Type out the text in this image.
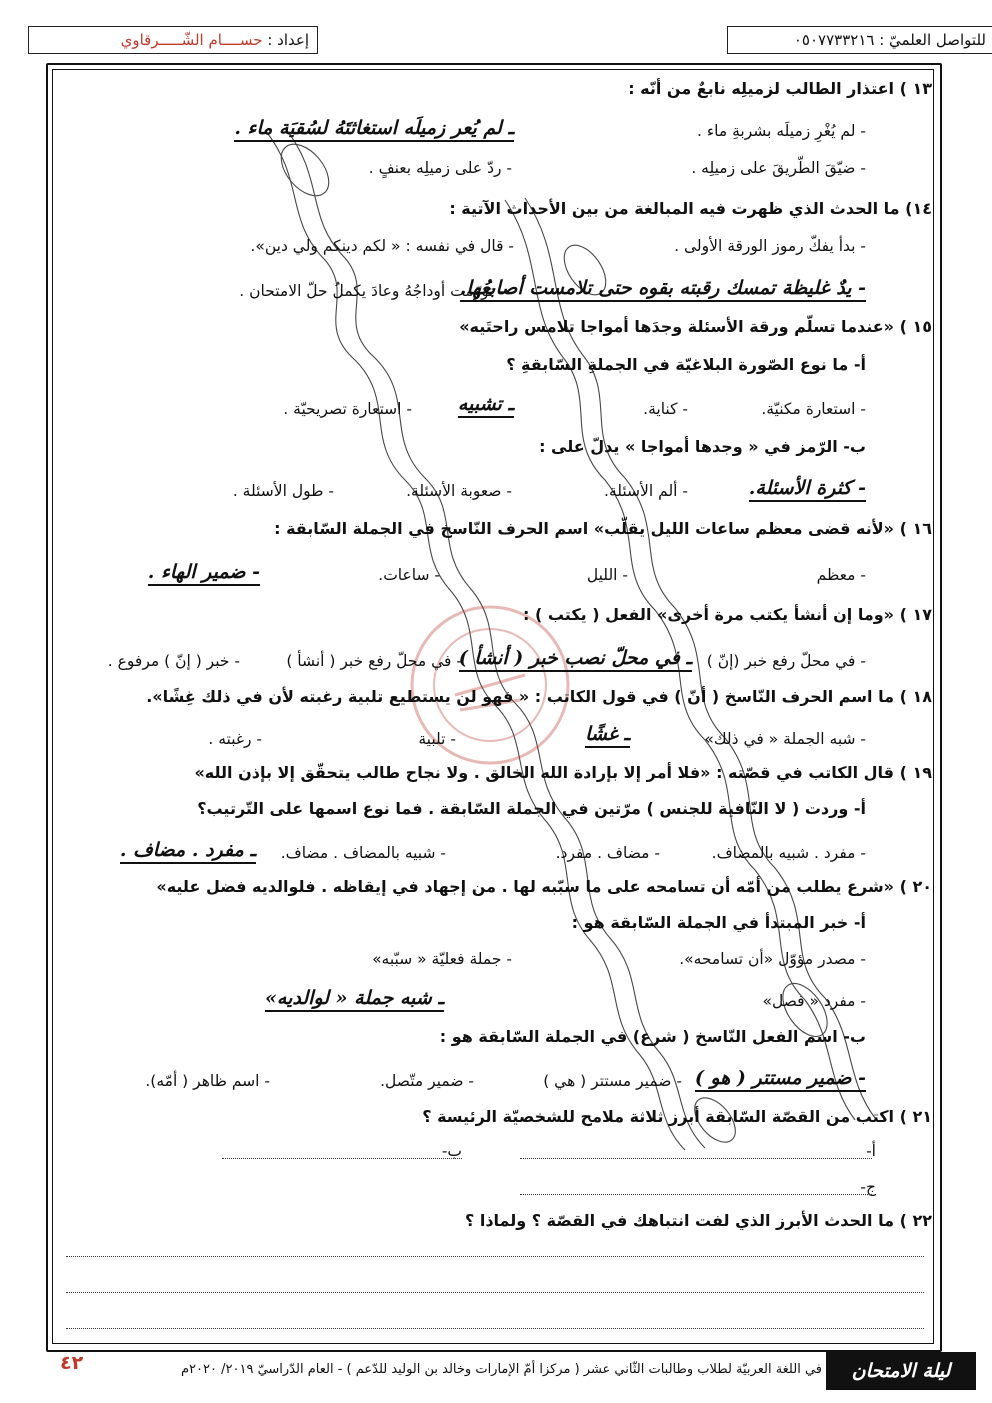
للتواصل العلميّ : ٠٥٠٧٧٣٣٢١٦
إعداد : حســــام الشّـــــرقاوي
١٣ ) اعتذار الطالب لزميلِه نابعٌ من أنّه :
- لم يُغْرِ زميلَه بشربةِ ماء .
ـ لم يُعر زميلَه استغاثتَهُ لسُقيَة ماء .
- ضيّقَ الطّريقَ على زميلِه .
- ردّ على زميلِه بعنفٍ .
١٤) ما الحدث الذي ظهرت فيه المبالغة من بين الأحداث الآتية :
- بدأ يفكّ رموز الورقة الأولى .
- قال في نفسه : « لكم دينكم ولي دين».
- يدٌ غليظة تمسك رقبته بقوه حتى تلامست أصابعُها.
- تورّمت أوداجُهُ وعادَ يكملُ حلّ الامتحان .
١٥ ) «عندما تسلّم ورقة الأسئلة وجدَها أمواجا تلامس راحتَيه»
أ- ما نوع الصّورة البلاغيّة في الجملةِ السّابقةِ ؟
- استعارة مكنيّة.
- كناية.
ـ تشبيه
- استعارة تصريحيّة .
ب- الرّمز في « وجدها أمواجا » يدلّ على :
- كثرة الأسئلة.
- ألم الأسئلة.
- صعوبة الأسئلة.
- طول الأسئلة .
١٦ ) «لأنه قضى معظم ساعات الليل يقلّب» اسم الحرف النّاسخ في الجملة السّابقة :
- معظم
- الليل
- ساعات.
- ضمير الهاء .
١٧ ) «وما إن أنشأ يكتب مرة أخرى» الفعل ( يكتب ) :
- في محلّ رفع خبر (إنّ )
ـ في محلّ نصب خبر ( أنشأ )
- في محلّ رفع خبر ( أنشأ )
- خبر ( إنّ ) مرفوع .
١٨ ) ما اسم الحرف النّاسخ ( أنّ ) في قول الكاتب : « فهو لن يستطيع تلبية رغبته لأن في ذلك غِشًا».
- شبه الجملة « في ذلك»
ـ غشًا
- تلبية
- رغبته .
١٩ ) قال الكاتب في قصّته : «فلا أمر إلا بإرادة الله الخالق . ولا نجاح طالب يتحقّق إلا بإذن الله»
أ- وردت ( لا النّافية للجنس ) مرّتين في الجملة السّابقة . فما نوع اسمها على التّرتيب؟
- مفرد . شبيه بالمضاف.
- مضاف . مفرد.
- شبيه بالمضاف . مضاف.
ـ مفرد . مضاف .
٢٠ ) «شرع يطلب من أمّه أن تسامحه على ما سبّبه لها . من إجهاد في إيقاظه . فلوالديه فضل عليه»
أ- خبر المبتدأ في الجملة السّابقة هو :
- مصدر مؤوّل «أن تسامحه».
- جملة فعليّة « سبّبه»
- مفرد « فصل»
ـ شبه جملة « لوالديه»
ب- اسم الفعل النّاسخ ( شرع) في الجملة السّابقة هو :
- ضمير مستتر ( هو )
- ضمير مستتر ( هي )
- ضمير متّصل.
- اسم ظاهر ( أمّه).
٢١ ) اكتب من القصّة السّابقة أبرز ثلاثة ملامح للشخصيّة الرئيسة ؟
أ-
ب-
ج-
٢٢ ) ما الحدث الأبرز الذي لفت انتباهك في القصّة ؟ ولماذا ؟
ليلة الامتحان
في اللغة العربيّة لطلاب وطالبات الثّاني عشر ( مركزا أمّ الإمارات وخالد بن الوليد للدّعم ) - العام الدّراسيّ ٢٠١٩/ ٢٠٢٠م
٤٢
